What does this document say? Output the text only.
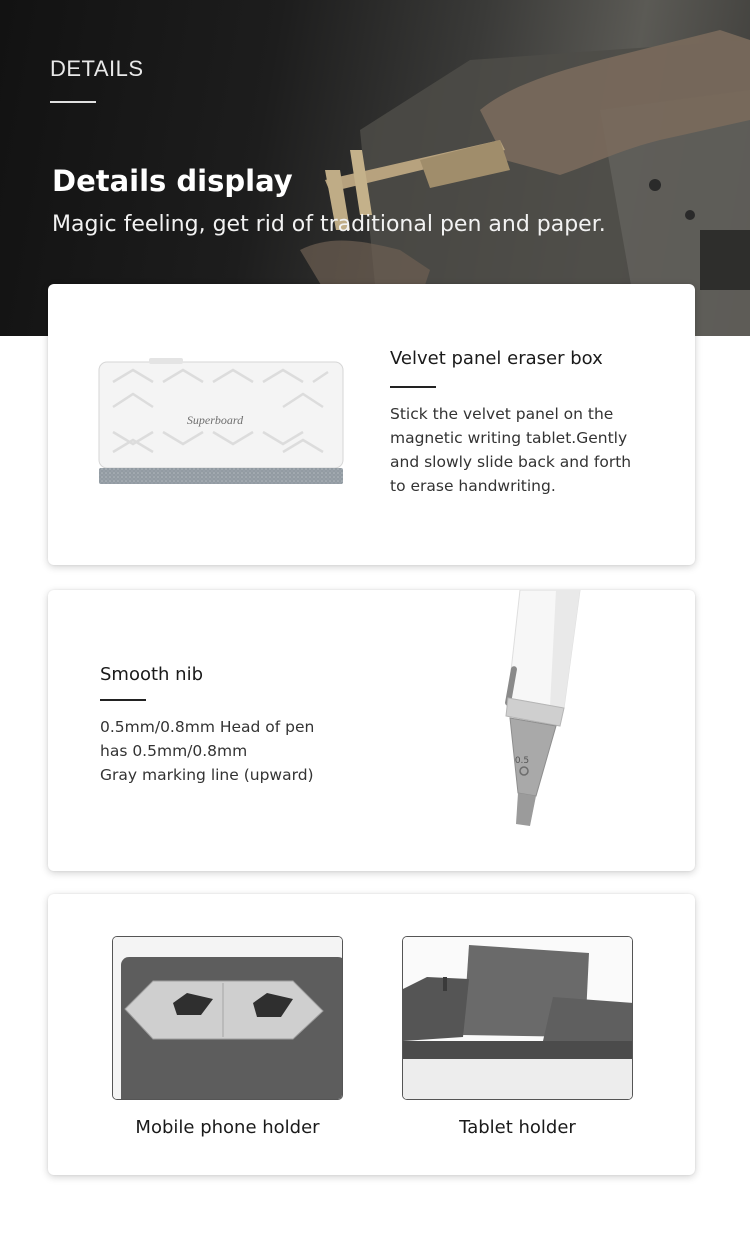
DETAILS
Details display
Magic feeling, get rid of traditional pen and paper.
Superboard
Velvet panel eraser box
Stick the velvet panel on the
magnetic writing tablet.Gently
and slowly slide back and forth
to erase handwriting.
Smooth nib
0.5mm/0.8mm Head of pen
has 0.5mm/0.8mm
Gray marking line (upward)
0.5
Mobile phone holder	Tablet holder
